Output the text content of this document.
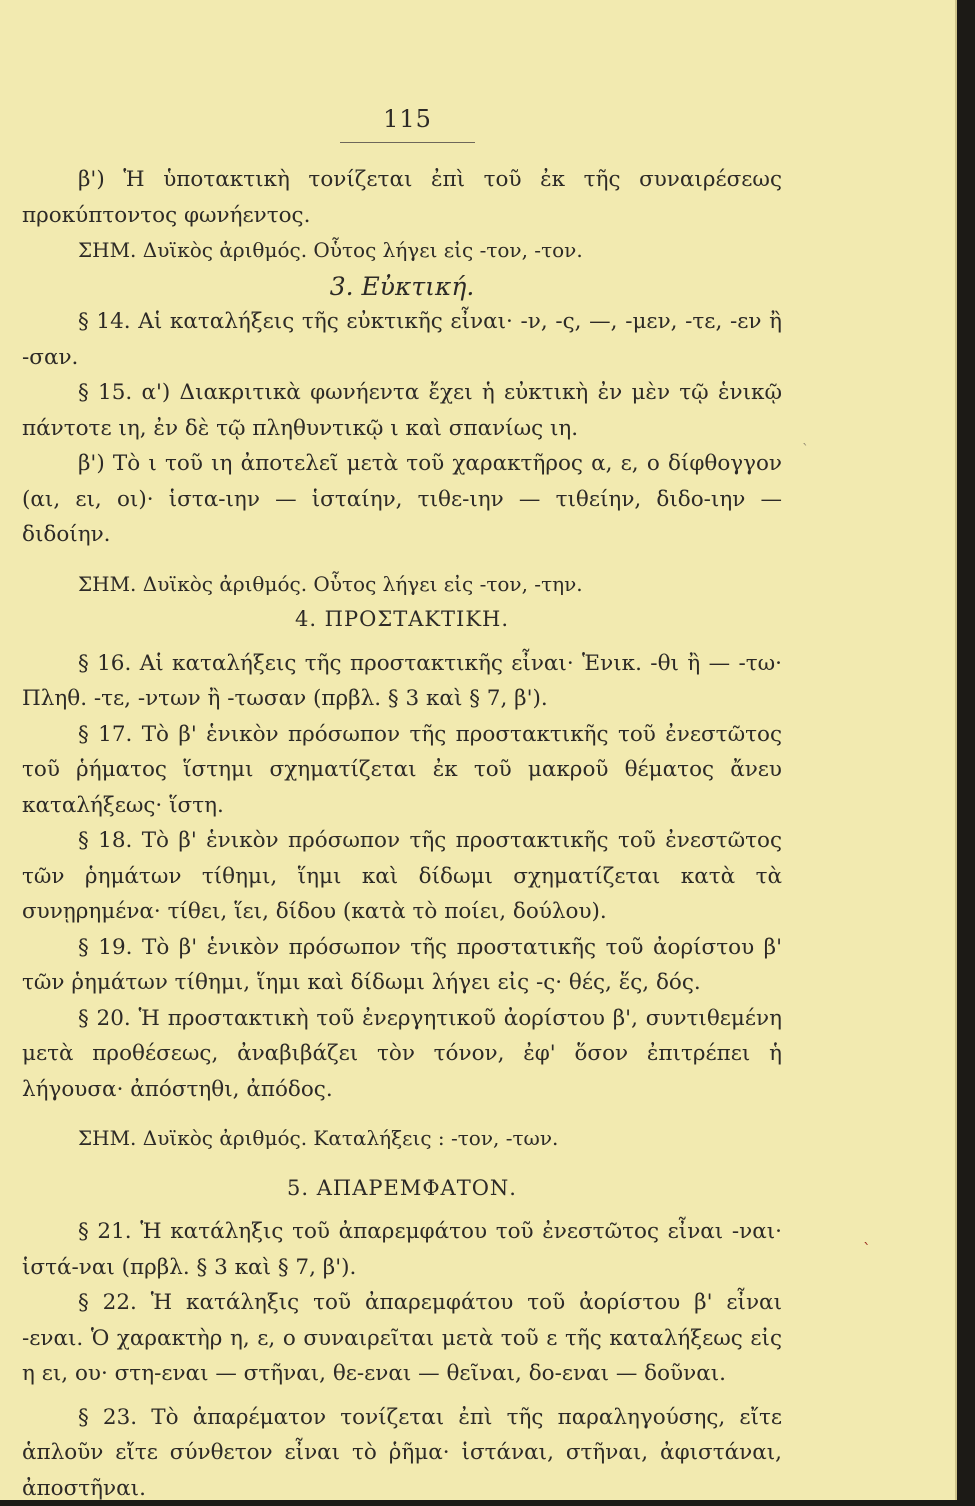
115

β') Ἡ ὑποτακτικὴ τονίζεται ἐπὶ τοῦ ἐκ τῆς συναιρέσεως προκύπτοντος φωνήεντος.

ΣΗΜ. Δυϊκὸς ἀριθμός. Οὗτος λήγει εἰς -τον, -τον.

3. Εὐκτική.

§ 14. Αἱ καταλήξεις τῆς εὐκτικῆς εἶναι· -ν, -ς, —, -μεν, -τε, -εν ἢ -σαν.

§ 15. α') Διακριτικὰ φωνήεντα ἔχει ἡ εὐκτικὴ ἐν μὲν τῷ ἑνικῷ πάντοτε ιη, ἐν δὲ τῷ πληθυντικῷ ι καὶ σπανίως ιη.

β') Τὸ ι τοῦ ιη ἀποτελεῖ μετὰ τοῦ χαρακτῆρος α, ε, ο δίφθογγον (αι, ει, οι)· ἱστα-ιην — ἱσταίην, τιθε-ιην — τιθείην, διδο-ιην — διδοίην.

ΣΗΜ. Δυϊκὸς ἀριθμός. Οὗτος λήγει εἰς -τον, -την.

4. ΠΡΟΣΤΑΚΤΙΚΗ.

§ 16. Αἱ καταλήξεις τῆς προστακτικῆς εἶναι· Ἑνικ. -θι ἢ — -τω· Πληθ. -τε, -ντων ἢ -τωσαν (πρβλ. § 3 καὶ § 7, β').

§ 17. Τὸ β' ἑνικὸν πρόσωπον τῆς προστακτικῆς τοῦ ἐνεστῶτος τοῦ ῥήματος ἵστημι σχηματίζεται ἐκ τοῦ μακροῦ θέματος ἄνευ καταλήξεως· ἵστη.

§ 18. Τὸ β' ἑνικὸν πρόσωπον τῆς προστακτικῆς τοῦ ἐνεστῶτος τῶν ῥημάτων τίθημι, ἵημι καὶ δίδωμι σχηματίζεται κατὰ τὰ συνῃρημένα· τίθει, ἵει, δίδου (κατὰ τὸ ποίει, δούλου).

§ 19. Τὸ β' ἑνικὸν πρόσωπον τῆς προστατικῆς τοῦ ἀορίστου β' τῶν ῥημάτων τίθημι, ἵημι καὶ δίδωμι λήγει εἰς -ς· θές, ἕς, δός.

§ 20. Ἡ προστακτικὴ τοῦ ἐνεργητικοῦ ἀορίστου β', συντιθεμένη μετὰ προθέσεως, ἀναβιβάζει τὸν τόνον, ἐφ' ὅσον ἐπιτρέπει ἡ λήγουσα· ἀπόστηθι, ἀπόδος.

ΣΗΜ. Δυϊκὸς ἀριθμός. Καταλήξεις : -τον, -των.

5. ΑΠΑΡΕΜΦΑΤΟΝ.

§ 21. Ἡ κατάληξις τοῦ ἀπαρεμφάτου τοῦ ἐνεστῶτος εἶναι -ναι· ἱστά-ναι (πρβλ. § 3 καὶ § 7, β').

§ 22. Ἡ κατάληξις τοῦ ἀπαρεμφάτου τοῦ ἀορίστου β' εἶναι -εναι. Ὁ χαρακτὴρ η, ε, ο συναιρεῖται μετὰ τοῦ ε τῆς καταλήξεως εἰς η ει, ου· στη-εναι — στῆναι, θε-εναι — θεῖναι, δο-εναι — δοῦναι.

§ 23. Τὸ ἀπαρέματον τονίζεται ἐπὶ τῆς παραληγούσης, εἴτε ἁπλοῦν εἴτε σύνθετον εἶναι τὸ ῥῆμα· ἱστάναι, στῆναι, ἀφιστάναι, ἀποστῆναι.

ˋ
ˋ
